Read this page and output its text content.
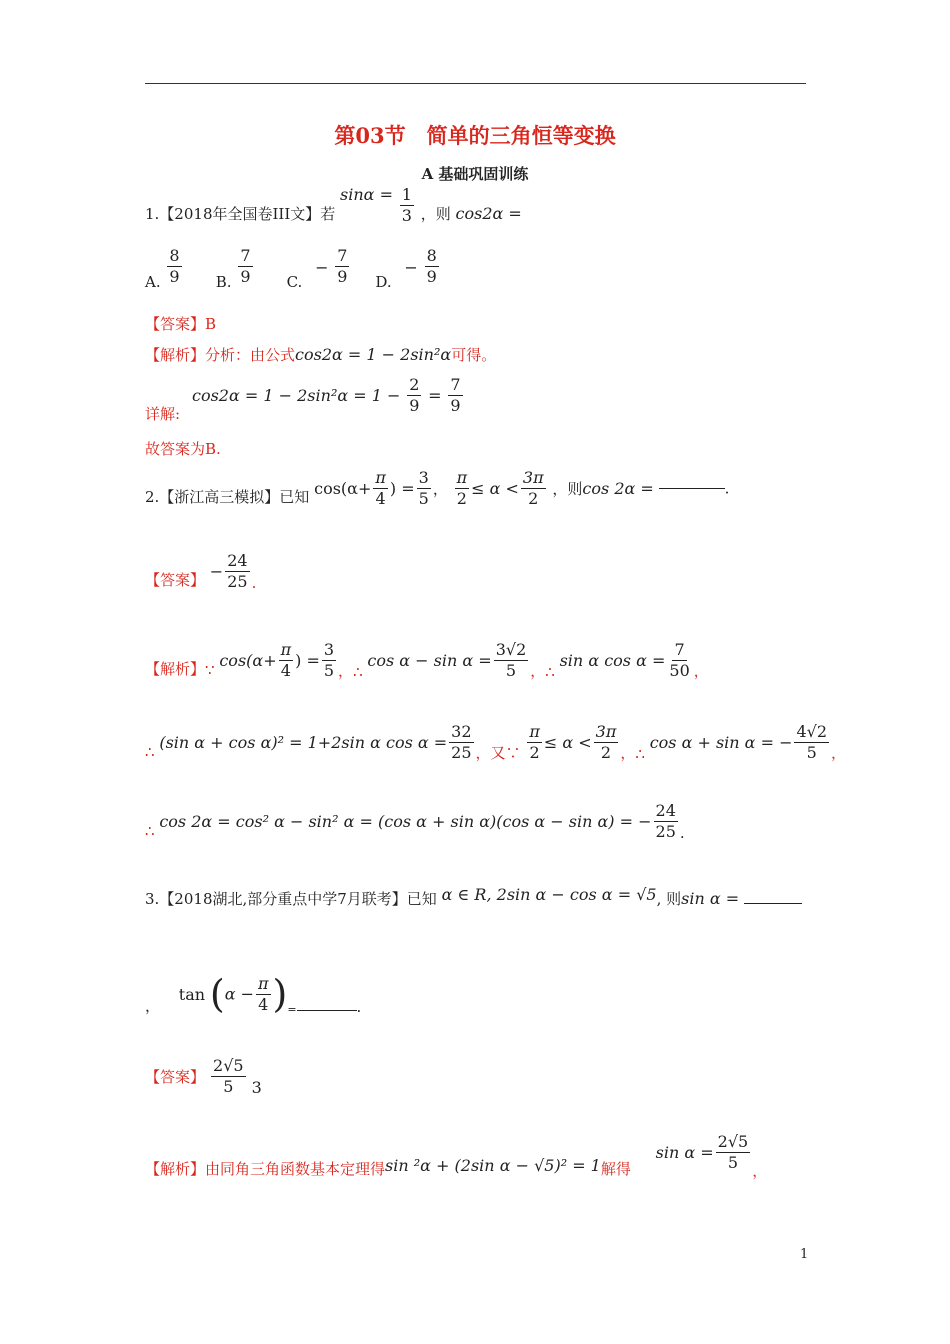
第03节　简单的三角恒等变换
A 基础巩固训练
1.【2018年全国卷III文】若 $\sin\alpha = \frac{1}{3}$ ，则 cos2α =
A. $\frac{8}{9} B$. $\frac{7}{9} C$. − $\frac{7}{9} D$. − $\frac{8}{9}$
【答案】B
【解析】分析：由公式cos2α = 1 − 2sin²α可得。
$\cos 2\alpha = 1 - 2\sin^2\alpha = 1 - \frac{2}{9} = \frac{7}{9}$
详解:
故答案为B.
2.【浙江高三模拟】已知 $\cos(\alpha+ \frac{\pi}{4}$ ) = $\frac{3}{5}$ ， $\frac{\pi}{2} \le \alpha < \frac{3\pi}{2}$ ，则cos 2α =	.
【答案】 − $\frac{24}{25}$ .
【解析】∵ $\cos(\alpha+ \frac{\pi}{4}$ ) = $\frac{3}{5}$ ，∴ $\cos \alpha - \sin \alpha = \frac{3√2}{5}$ ，∴ sin α $\cos \alpha = \frac{7}{50}$ ，
∴ (sin α + cos α)² = 1+2sin α $\cos \alpha = \frac{32}{25}$ ，又∵ $\frac{\pi}{2} \le \alpha < \frac{3\pi}{2}$ ，∴ cos α + sin α = − $\frac{4√2}{5}$ ，
∴ cos 2α = cos² α − sin² α = (cos α + sin α)(cos α − sin α) = − $\frac{24}{25}$ .
3.【2018湖北,部分重点中学7月联考】已知 α ∈ R, 2sin α − cos α = √5, 则sin α =
， $\tan (\alpha - \frac{\pi}{4}$ )=	.
【答案】 $\frac{2√5}{5} 3$
【解析】由同角三角函数基本定理得sin ²α + (2sin α − √5)² = 1解得 $\sin \alpha = \frac{2√5}{5}$ ，
1
